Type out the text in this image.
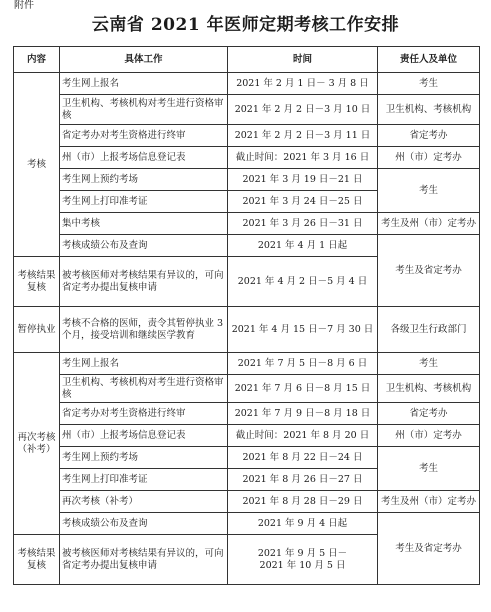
附件
云南省 2021 年医师定期考核工作安排
内容	具体工作	时间	责任人及单位
考核	考生网上报名	2021 年 2 月 1 日－ 3 月 8 日	考生
	卫生机构、考核机构对考生进行资格审核	2021 年 2 月 2 日－3 月 10 日	卫生机构、考核机构
	省定考办对考生资格进行终审	2021 年 2 月 2 日－3 月 11 日	省定考办
	州（市）上报考场信息登记表	截止时间：2021 年 3 月 16 日	州（市）定考办
	考生网上预约考场	2021 年 3 月 19 日－21 日	考生
	考生网上打印准考证	2021 年 3 月 24 日－25 日	
	集中考核	2021 年 3 月 26 日－31 日	考生及州（市）定考办
	考核成绩公布及查询	2021 年 4 月 1 日起	考生及省定考办
考核结果复核	被考核医师对考核结果有异议的，可向省定考办提出复核申请	2021 年 4 月 2 日－5 月 4 日	
暂停执业	考核不合格的医师，责令其暂停执业 3 个月，接受培训和继续医学教育	2021 年 4 月 15 日－7 月 30 日	各级卫生行政部门
再次考核（补考）	考生网上报名	2021 年 7 月 5 日－8 月 6 日	考生
	卫生机构、考核机构对考生进行资格审核	2021 年 7 月 6 日－8 月 15 日	卫生机构、考核机构
	省定考办对考生资格进行终审	2021 年 7 月 9 日－8 月 18 日	省定考办
	州（市）上报考场信息登记表	截止时间：2021 年 8 月 20 日	州（市）定考办
	考生网上预约考场	2021 年 8 月 22 日－24 日	考生
	考生网上打印准考证	2021 年 8 月 26 日－27 日	
	再次考核（补考）	2021 年 8 月 28 日－29 日	考生及州（市）定考办
	考核成绩公布及查询	2021 年 9 月 4 日起	考生及省定考办
考核结果复核	被考核医师对考核结果有异议的，可向省定考办提出复核申请	2021 年 9 月 5 日－
2021 年 10 月 5 日	
